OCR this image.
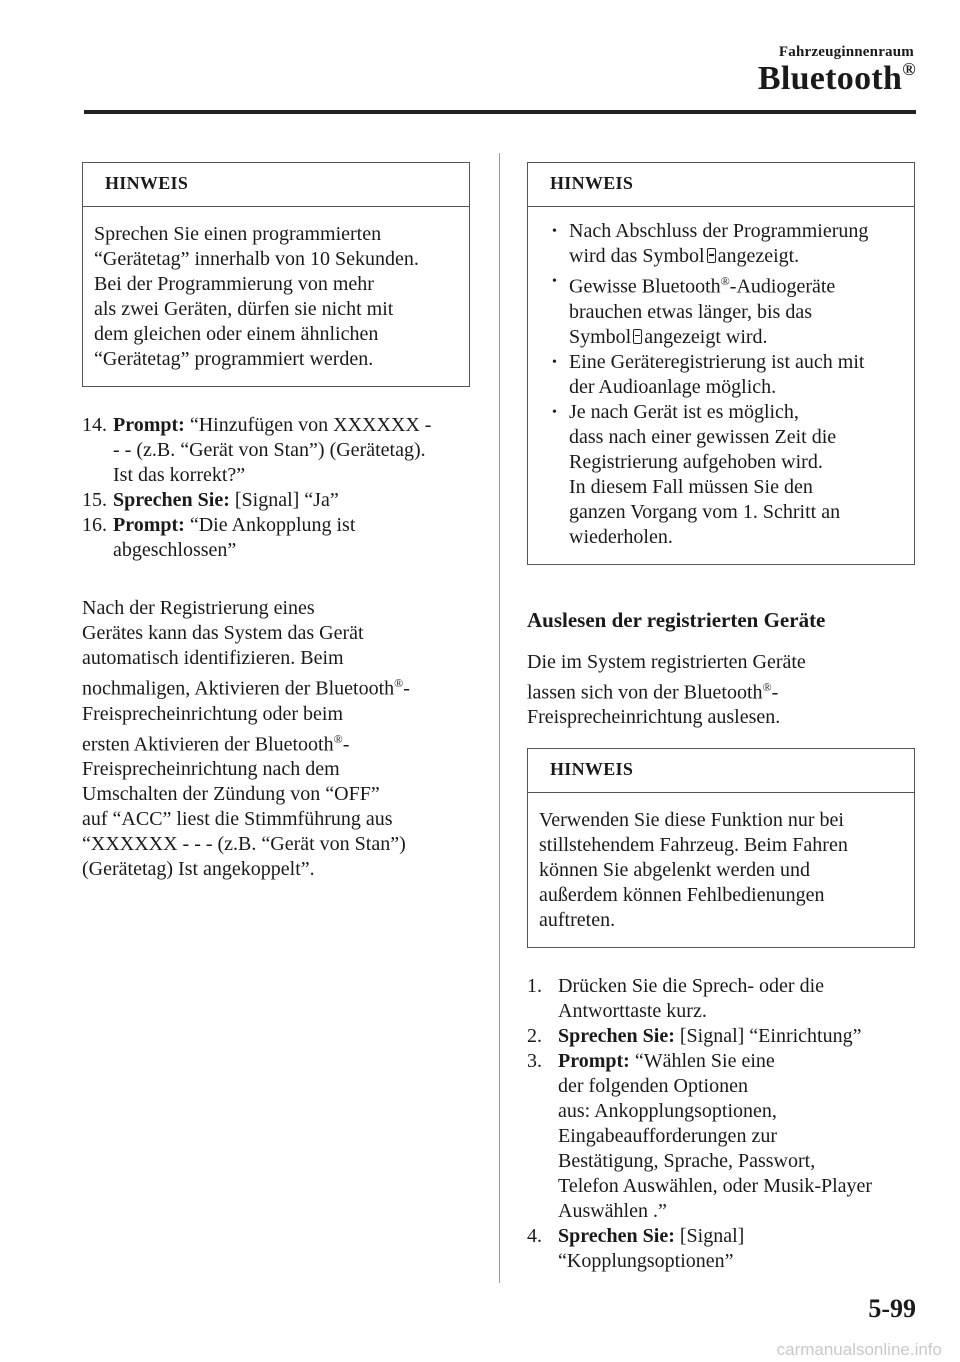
Fahrzeuginnenraum
Bluetooth®
HINWEIS
Sprechen Sie einen programmierten
“Gerätetag” innerhalb von 10 Sekunden.
Bei der Programmierung von mehr
als zwei Geräten, dürfen sie nicht mit
dem gleichen oder einem ähnlichen
“Gerätetag” programmiert werden.
14. Prompt: “Hinzufügen von XXXXXX -
- - (z.B. “Gerät von Stan”) (Gerätetag).
Ist das korrekt?”
15. Sprechen Sie: [Signal] “Ja”
16. Prompt: “Die Ankopplung ist
abgeschlossen”
Nach der Registrierung eines
Gerätes kann das System das Gerät
automatisch identifizieren. Beim
nochmaligen, Aktivieren der Bluetooth®-
Freisprecheinrichtung oder beim
ersten Aktivieren der Bluetooth®-
Freisprecheinrichtung nach dem
Umschalten der Zündung von “OFF”
auf “ACC” liest die Stimmführung aus
“XXXXXX - - - (z.B. “Gerät von Stan”)
(Gerätetag) Ist angekoppelt”.
HINWEIS
• Nach Abschluss der Programmierung
wird das Symbol angezeigt.
• Gewisse Bluetooth®-Audiogeräte
brauchen etwas länger, bis das
Symbol angezeigt wird.
• Eine Geräteregistrierung ist auch mit
der Audioanlage möglich.
• Je nach Gerät ist es möglich,
dass nach einer gewissen Zeit die
Registrierung aufgehoben wird.
In diesem Fall müssen Sie den
ganzen Vorgang vom 1. Schritt an
wiederholen.
Auslesen der registrierten Geräte
Die im System registrierten Geräte
lassen sich von der Bluetooth®-
Freisprecheinrichtung auslesen.
HINWEIS
Verwenden Sie diese Funktion nur bei
stillstehendem Fahrzeug. Beim Fahren
können Sie abgelenkt werden und
außerdem können Fehlbedienungen
auftreten.
1. Drücken Sie die Sprech- oder die
Antworttaste kurz.
2. Sprechen Sie: [Signal] “Einrichtung”
3. Prompt: “Wählen Sie eine
der folgenden Optionen
aus: Ankopplungsoptionen,
Eingabeaufforderungen zur
Bestätigung, Sprache, Passwort,
Telefon Auswählen, oder Musik-Player
Auswählen .”
4. Sprechen Sie: [Signal]
“Kopplungsoptionen”
5-99
carmanualsonline.info
